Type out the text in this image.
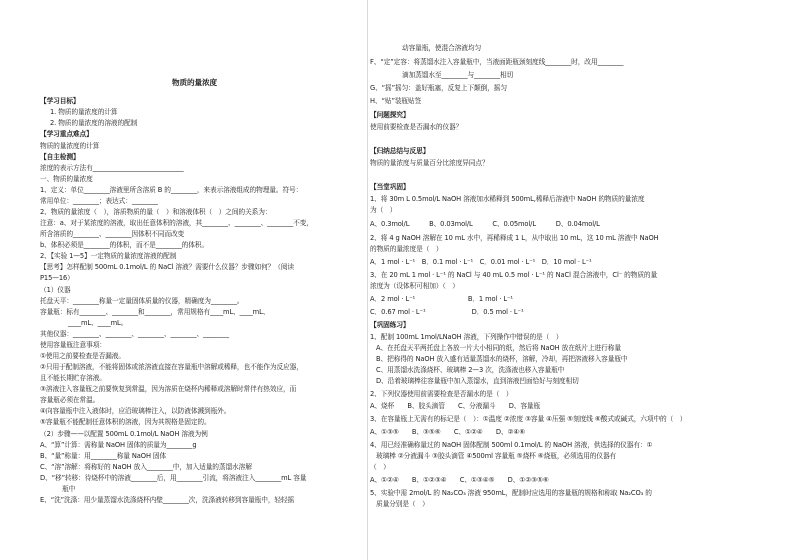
物质的量浓度
【学习目标】
1. 物质的量浓度的计算
2. 物质的量浓度的溶液的配制
【学习重点难点】
物质的量浓度的计算
【自主检测】
浓度的表示方法有____________________________
一、物质的量浓度
1、定义：单位________溶液里所含溶质 B 的________，来表示溶液组成的物理量。符号：
常用单位：________；表达式：________
2、物质的量浓度（　），溶质物质的量（　）和溶液体积（　）之间的关系为：
注意：a、对于某浓度的溶液，取出任意体积的溶液，其________、________、________不变，
所含溶质的________、________因体积不同而改变
b、体积必须是________的体积，而不是________的体积。
2、【实验 1—5】一定物质的量浓度溶液的配制
【思考】怎样配制 500mL 0.1mol/L 的 NaCl 溶液？需要什么仪器？步骤如何？（阅读
P15—16）
（1）仪器
托盘天平：________称量一定量固体质量的仪器，精确度为________。
容量瓶：标有________、________和________，常用规格有____mL、____mL、
____mL、____mL。
其他仪器：________、________、________、________、________
使用容量瓶注意事项：
①使用之前要检查是否漏液。
②只用于配制溶液，不能将固体或浓溶液直接在容量瓶中溶解或稀释，也不能作为反应器，
且不能长期贮存溶液。
③溶液注入容量瓶之前要恢复到常温，因为溶质在烧杯内稀释或溶解时常伴有热效应，而
容量瓶必须在常温。
④向容量瓶中注入液体时，应沿玻璃棒注入，以防液体溅到瓶外。
⑤容量瓶不能配制任意体积的溶液，因为其规格是固定的。
（2）步骤——以配置 500mL 0.1mol/L NaOH 溶液为例
A、“算”计算：需称量 NaOH 固体的质量为________g
B、“量”称量：用________称量 NaOH 固体
C、“溶”溶解：将称好的 NaOH 放入________中，加入适量的蒸馏水溶解
D、“移”转移：待烧杯中的溶液________后，用________引流，将溶液注入________mL 容量
瓶中
E、“洗”洗涤：用少量蒸馏水洗涤烧杯内壁________次，洗涤液转移到容量瓶中，轻轻摇
动容量瓶，使混合溶液均匀
F、“定”定容：将蒸馏水注入容量瓶中，当液面距瓶颈刻度线________时，改用________
滴加蒸馏水至________与________相切
G、“摇”摇匀：盖好瓶塞，反复上下颠倒，摇匀
H、“贴”装瓶贴签
【问题探究】
使用前要检查是否漏水的仪器？
【归纳总结与反思】
物质的量浓度与质量百分比浓度异同点？
【当堂巩固】
1、将 30m L 0.5mol/L NaOH 溶液加水稀释到 500mL,稀释后溶液中 NaOH 的物质的量浓度
为（　）
A、0.3mol/L　　　B、0.03mol/L　　　C、0.05mol/L　　　D、0.04mol/L
2、将 4 g NaOH 溶解在 10 mL 水中，再稀释成 1 L，从中取出 10 mL，这 10 mL 溶液中 NaOH
的物质的量浓度是（　）
A．1 mol · L⁻¹　B．0.1 mol · L⁻¹　C．0.01 mol · L⁻¹　D．10 mol · L⁻¹
3、在 20 mL 1 mol · L⁻¹ 的 NaCl 与 40 mL 0.5 mol · L⁻¹ 的 NaCl 混合溶液中，Cl⁻ 的物质的量
浓度为（设体积可相加）（　）
A．2 mol · L⁻¹　　　　　　　　B．1 mol · L⁻¹
C．0.67 mol · L⁻¹　　　　　　　D．0.5 mol · L⁻¹
【巩固练习】
1、配制 100mL 1mol/LNaOH 溶液，下列操作中错误的是（　）
A、在托盘天平两托盘上各放一片大小相同的纸，然后将 NaOH 放在纸片上进行称量
B、把称得的 NaOH 放入盛有适量蒸馏水的烧杯，溶解，冷却，再把溶液移入容量瓶中
C、用蒸馏水洗涤烧杯、玻璃棒 2—3 次，洗涤液也移入容量瓶中
D、沿着玻璃棒往容量瓶中加入蒸馏水，直到溶液凹面恰好与刻度相切
2、下列仪器使用前需要检查是否漏水的是（　）
A、烧杯　　B、胶头滴管　　C、分液漏斗　　D、容量瓶
3、在容量瓶上无需有的标记是（　）：①温度 ②浓度 ③容量 ④压强 ⑤刻度线 ⑥酸式或碱式，六项中的（　）
A、①③⑤　　B、③⑤⑥　　C、①②④　　D、②④⑥
4、用已经准确称量过的 NaOH 固体配制 500ml 0.1mol/L 的 NaOH 溶液，供选择的仪器有：①
玻璃棒 ②分液漏斗 ③胶头滴管 ④500ml 容量瓶 ⑤烧杯 ⑥烧瓶，必须选用的仪器有
（　）
A、①②④　　B、①②③④　　C、①③④⑤　　D、①②③⑤⑥
5、实验中需 2mol/L 的 Na₂CO₃ 溶液 950mL，配制时应选用的容量瓶的规格和称取 Na₂CO₃ 的
质量分别是（　）
